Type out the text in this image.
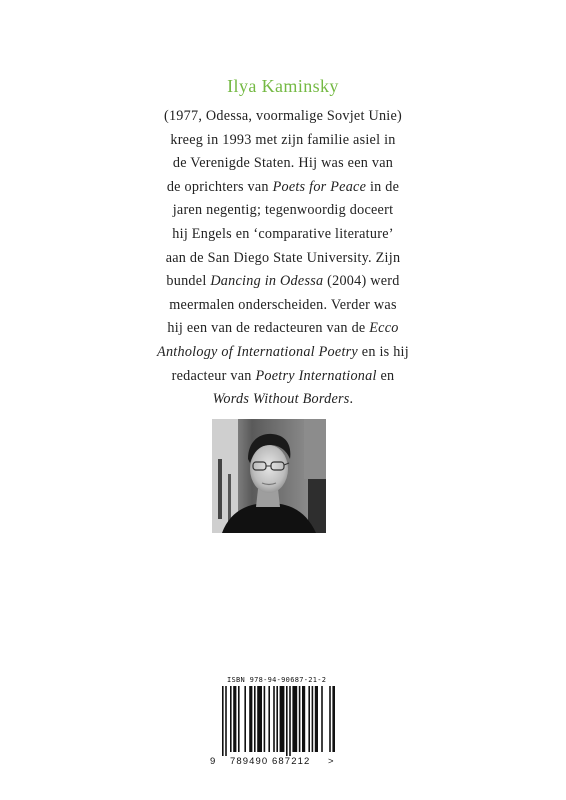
Ilya Kaminsky
(1977, Odessa, voormalige Sovjet Unie)
kreeg in 1993 met zijn familie asiel in
de Verenigde Staten. Hij was een van
de oprichters van Poets for Peace in de
jaren negentig; tegenwoordig doceert
hij Engels en ‘comparative literature’
aan de San Diego State University. Zijn
bundel Dancing in Odessa (2004) werd
meermalen onderscheiden. Verder was
hij een van de redacteuren van de Ecco
Anthology of International Poetry en is hij
redacteur van Poetry International en
Words Without Borders.
ISBN 978-94-90687-21-2
9 789490 687212 >
